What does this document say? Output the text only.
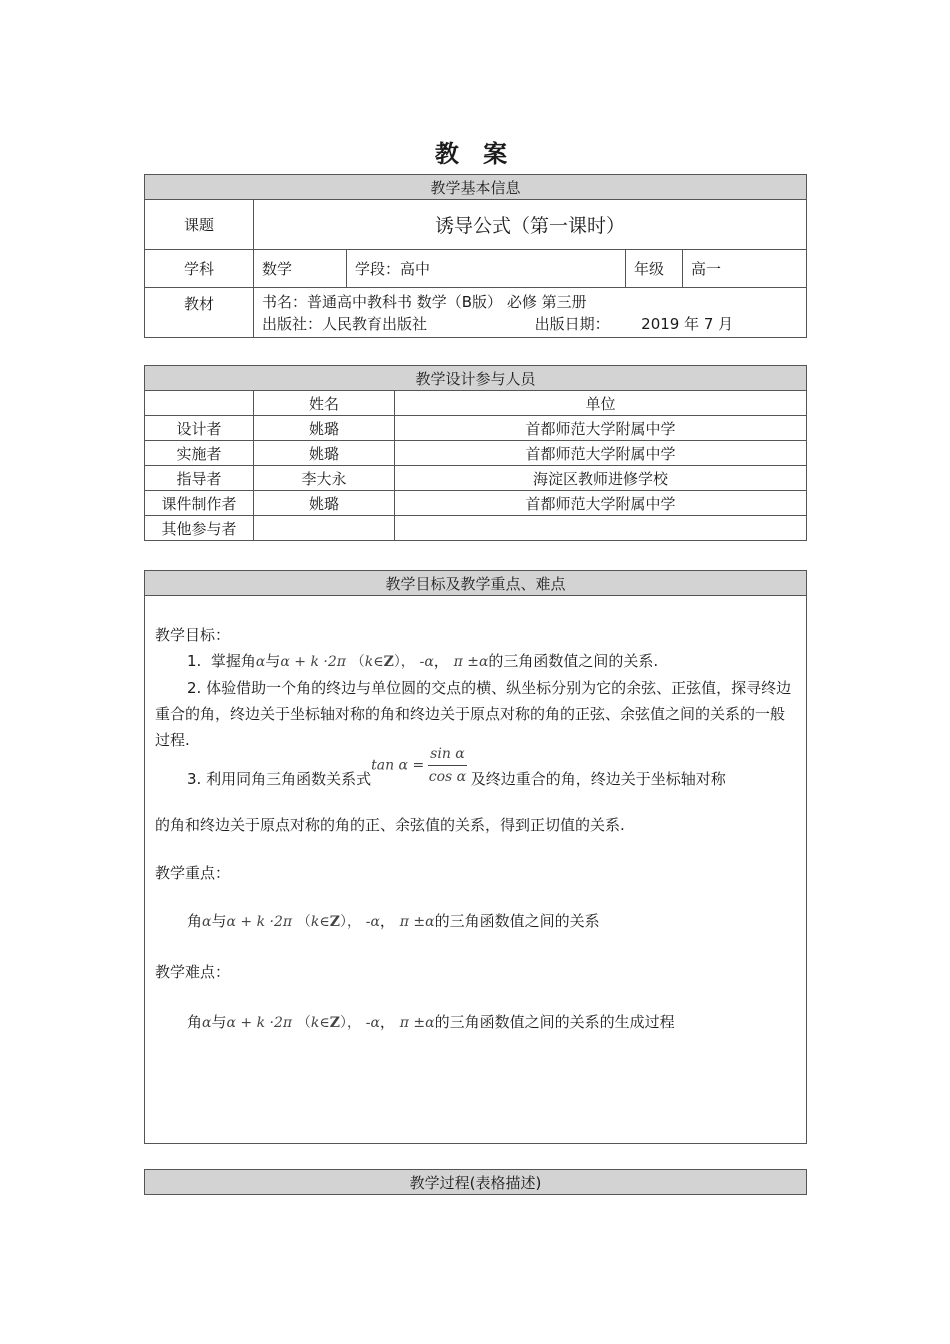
教 案
教学基本信息				
课题	诱导公式（第一课时）			
学科	数学	学段：高中	年级	高一
教材	书名：普通高中教科书 数学（B版） 必修 第三册
出版社：人民教育出版社 出版日期： 2019 年 7 月			
教学设计参与人员		
	姓名	单位
设计者	姚璐	首都师范大学附属中学
实施者	姚璐	首都师范大学附属中学
指导者	李大永	海淀区教师进修学校
课件制作者	姚璐	首都师范大学附属中学
其他参与者		
教学目标及教学重点、难点

教学目标：
1. 掌握角α与α + k ·2π （k∈Z）， -α， π ±α的三角函数值之间的关系.
2. 体验借助一个角的终边与单位圆的交点的横、纵坐标分别为它的余弦、正弦值，探寻终边重合的角，终边关于坐标轴对称的角和终边关于原点对称的角的正弦、余弦值之间的关系的一般过程.
3. 利用同角三角函数关系式$\tan \alpha = \frac{\text{sin α}}{\text{cos α}}$ 及终边重合的角，终边关于坐标轴对称
的角和终边关于原点对称的角的正、余弦值的关系，得到正切值的关系.
教学重点：
角α与α + k ·2π （k∈Z）， -α， π ±α的三角函数值之间的关系
教学难点：
角α与α + k ·2π （k∈Z）， -α， π ±α的三角函数值之间的关系的生成过程
教学过程(表格描述)
